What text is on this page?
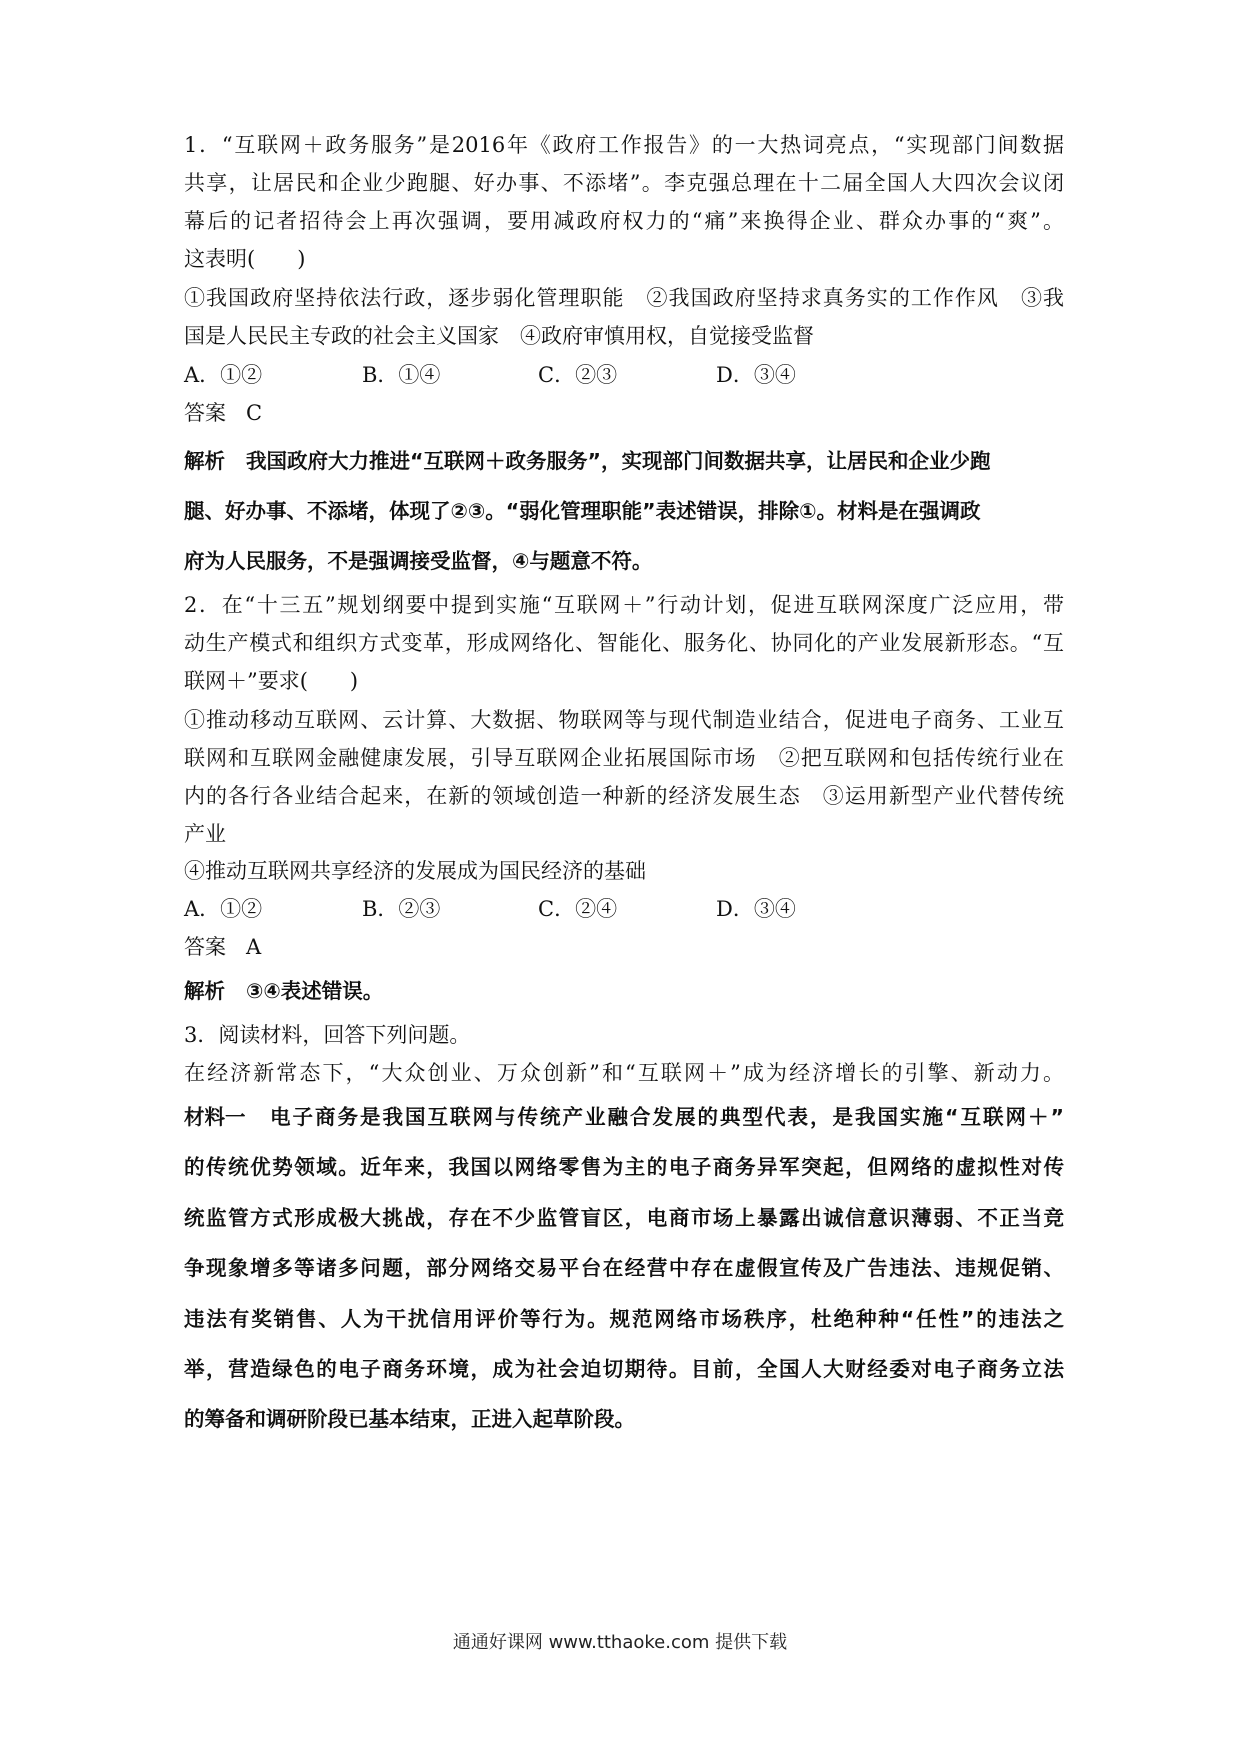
1．“互联网＋政务服务”是2016年《政府工作报告》的一大热词亮点，“实现部门间数据
共享，让居民和企业少跑腿、好办事、不添堵”。李克强总理在十二届全国人大四次会议闭
幕后的记者招待会上再次强调，要用减政府权力的“痛”来换得企业、群众办事的“爽”。
这表明(　　)
①我国政府坚持依法行政，逐步弱化管理职能　②我国政府坚持求真务实的工作作风　③我
国是人民民主专政的社会主义国家　④政府审慎用权，自觉接受监督
A．①②	B．①④	C．②③	D．③④
答案 C
解析 我国政府大力推进“互联网＋政务服务”，实现部门间数据共享，让居民和企业少跑
腿、好办事、不添堵，体现了②③。“弱化管理职能”表述错误，排除①。材料是在强调政
府为人民服务，不是强调接受监督，④与题意不符。
2．在“十三五”规划纲要中提到实施“互联网＋”行动计划，促进互联网深度广泛应用，带
动生产模式和组织方式变革，形成网络化、智能化、服务化、协同化的产业发展新形态。“互
联网＋”要求(　　)
①推动移动互联网、云计算、大数据、物联网等与现代制造业结合，促进电子商务、工业互
联网和互联网金融健康发展，引导互联网企业拓展国际市场　②把互联网和包括传统行业在
内的各行各业结合起来，在新的领域创造一种新的经济发展生态　③运用新型产业代替传统
产业
④推动互联网共享经济的发展成为国民经济的基础
A．①②	B．②③	C．②④	D．③④
答案 A
解析 ③④表述错误。
3．阅读材料，回答下列问题。
在经济新常态下，“大众创业、万众创新”和“互联网＋”成为经济增长的引擎、新动力。
材料一 电子商务是我国互联网与传统产业融合发展的典型代表，是我国实施“互联网＋”
的传统优势领域。近年来，我国以网络零售为主的电子商务异军突起，但网络的虚拟性对传
统监管方式形成极大挑战，存在不少监管盲区，电商市场上暴露出诚信意识薄弱、不正当竞
争现象增多等诸多问题，部分网络交易平台在经营中存在虚假宣传及广告违法、违规促销、
违法有奖销售、人为干扰信用评价等行为。规范网络市场秩序，杜绝种种“任性”的违法之
举，营造绿色的电子商务环境，成为社会迫切期待。目前，全国人大财经委对电子商务立法
的筹备和调研阶段已基本结束，正进入起草阶段。
通通好课网 www.tthaoke.com 提供下载
